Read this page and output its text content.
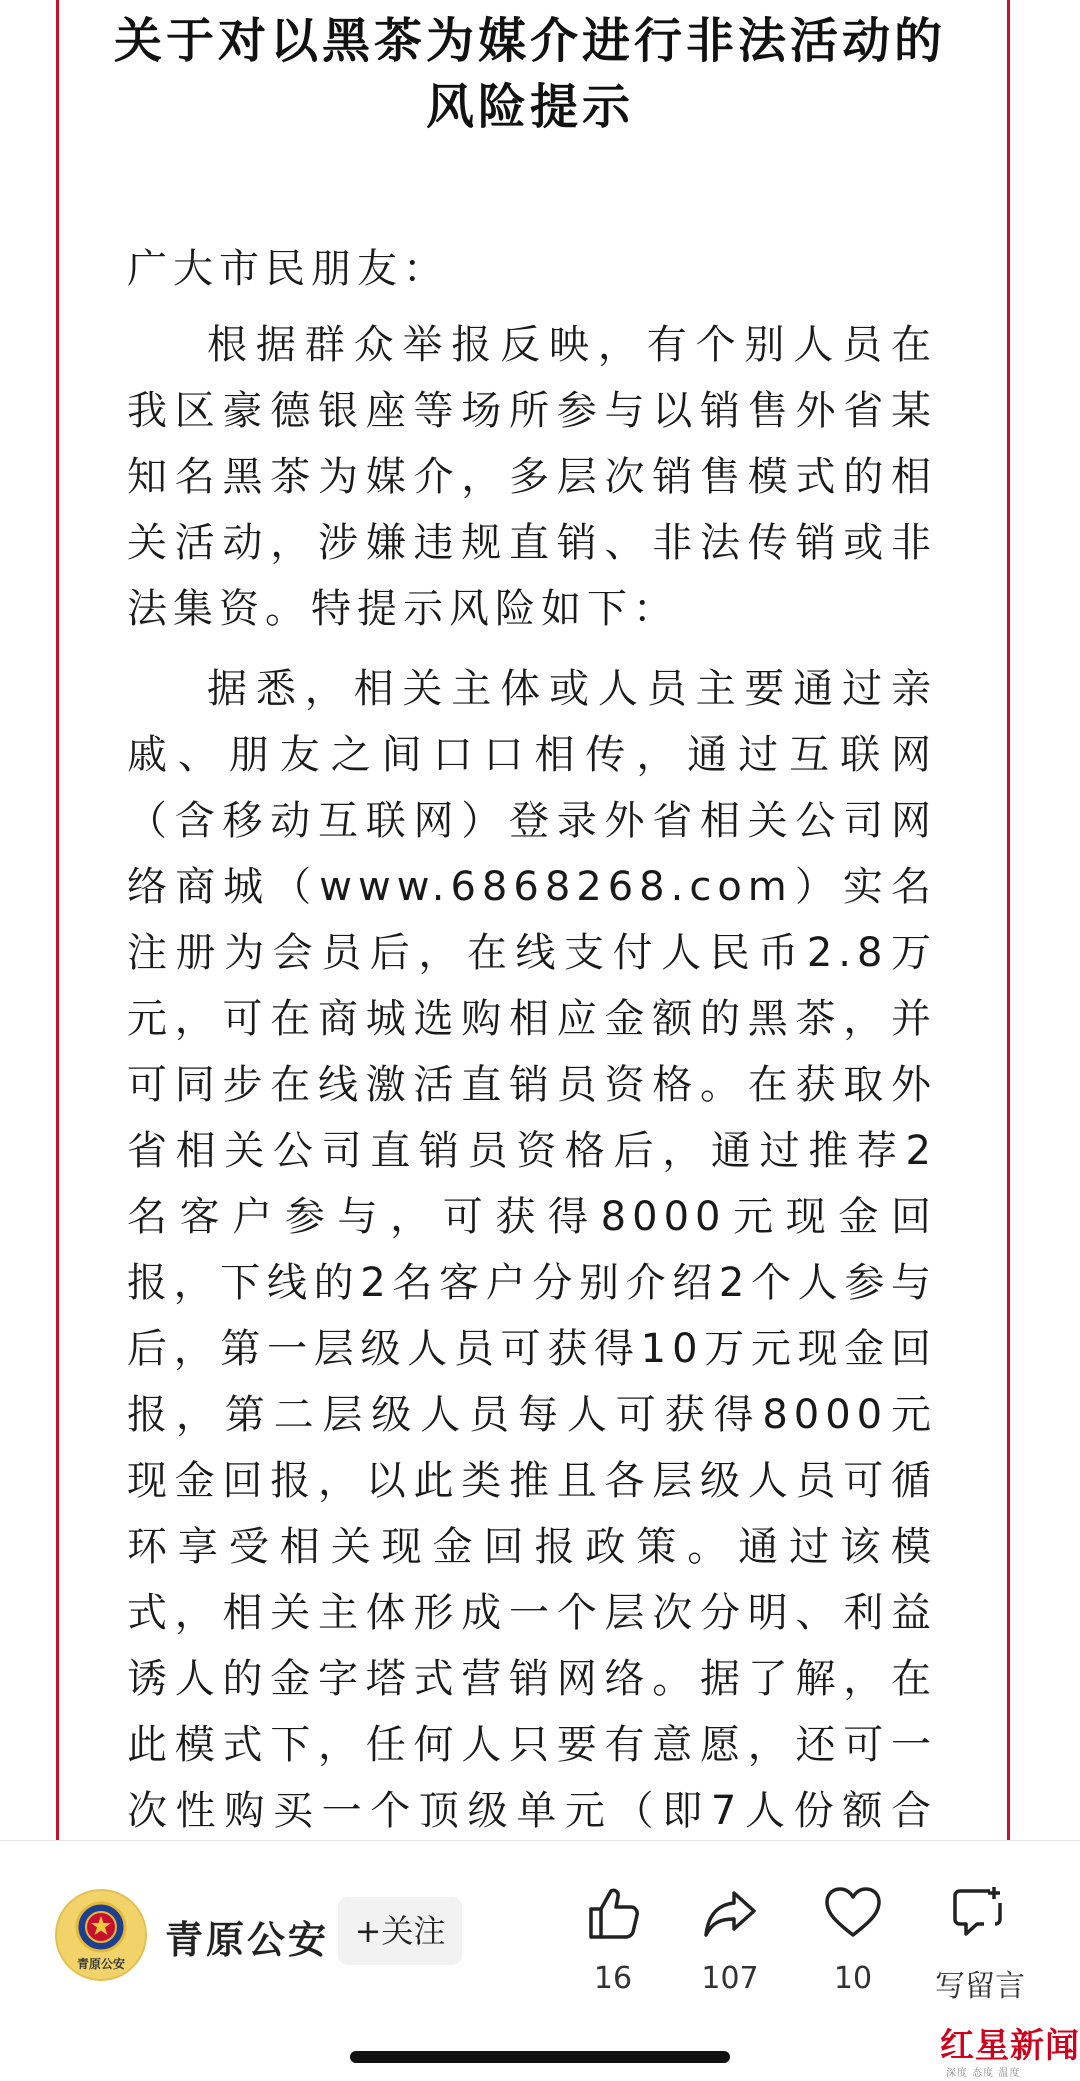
关于对以黑茶为媒介进行非法活动的
风险提示

广大市民朋友：

根据群众举报反映，有个别人员在我区豪德银座等场所参与以销售外省某知名黑茶为媒介，多层次销售模式的相关活动，涉嫌违规直销、非法传销或非法集资。特提示风险如下：

据悉，相关主体或人员主要通过亲戚、朋友之间口口相传，通过互联网（含移动互联网）登录外省相关公司网络商城（www.6868268.com）实名注册为会员后，在线支付人民币2.8万元，可在商城选购相应金额的黑茶，并可同步在线激活直销员资格。在获取外省相关公司直销员资格后，通过推荐2名客户参与，可获得8000元现金回报，下线的2名客户分别介绍2个人参与后，第一层级人员可获得10万元现金回报，第二层级人员每人可获得8000元现金回报，以此类推且各层级人员可循环享受相关现金回报政策。通过该模式，相关主体形成一个层次分明、利益诱人的金字塔式营销网络。据了解，在此模式下，任何人只要有意愿，还可一次性购买一个顶级单元（即7人份额合

青原公安
青原公安 +关注
16	107	10	写留言
红星新闻
深度 态度 温度
